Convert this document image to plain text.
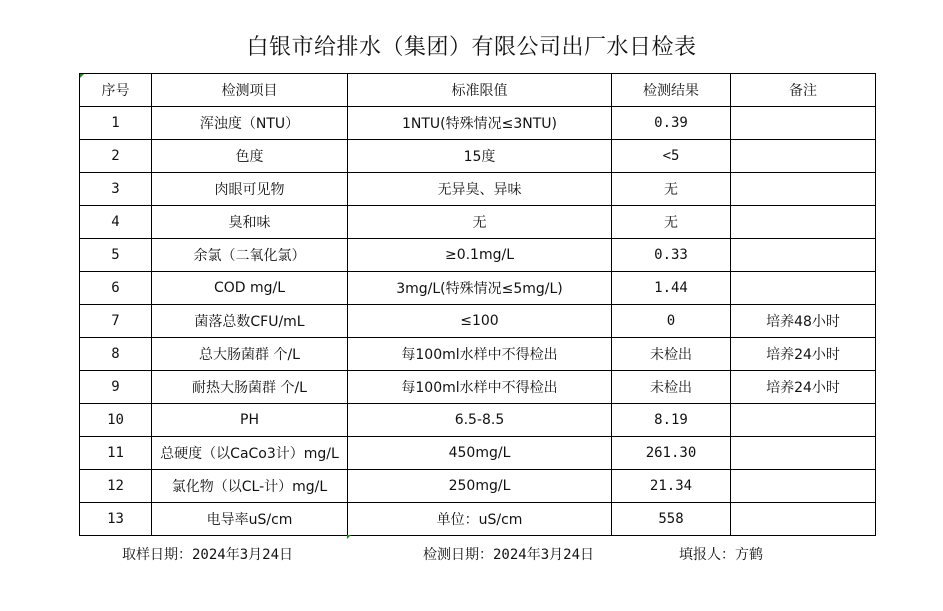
白银市给排水（集团）有限公司出厂水日检表
序号	检测项目	标准限值	检测结果	备注
1	浑浊度（NTU）	1NTU(特殊情况≤3NTU)	0.39	
2	色度	15度	<5	
3	肉眼可见物	无异臭、异味	无	
4	臭和味	无	无	
5	余氯（二氧化氯）	≥0.1mg/L	0.33	
6	COD mg/L	3mg/L(特殊情况≤5mg/L)	1.44	
7	菌落总数CFU/mL	≤100	0	培养48小时
8	总大肠菌群 个/L	每100ml水样中不得检出	未检出	培养24小时
9	耐热大肠菌群 个/L	每100ml水样中不得检出	未检出	培养24小时
10	PH	6.5-8.5	8.19	
11	总硬度（以CaCo3计）mg/L	450mg/L	261.30	
12	氯化物（以CL-计）mg/L	250mg/L	21.34	
13	电导率uS/cm	单位：uS/cm	558	
取样日期：2024年3月24日	检测日期：2024年3月24日	填报人：方鹤
